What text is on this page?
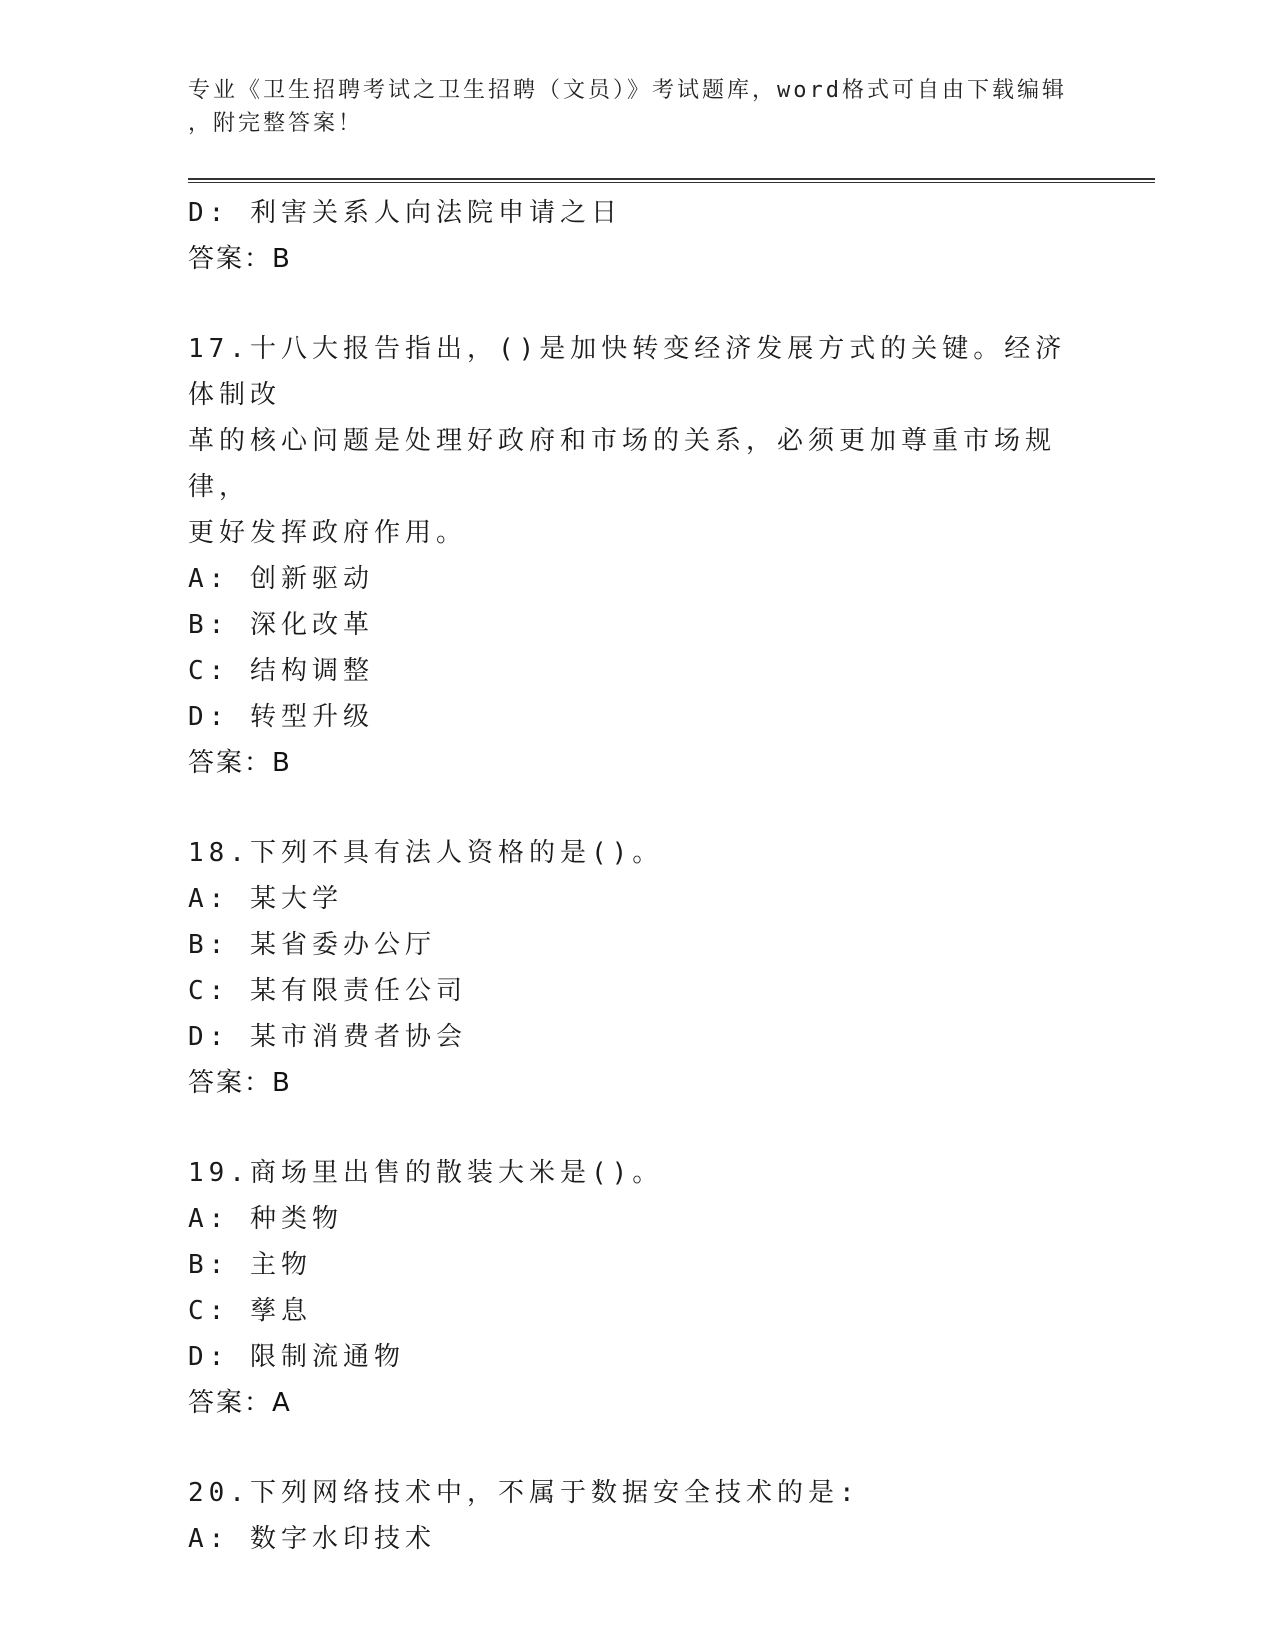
专业《卫生招聘考试之卫生招聘（文员）》考试题库，word格式可自由下载编辑
，附完整答案！
D: 利害关系人向法院申请之日
答案：B
17.十八大报告指出，()是加快转变经济发展方式的关键。经济体制改
革的核心问题是处理好政府和市场的关系，必须更加尊重市场规律，
更好发挥政府作用。
A: 创新驱动
B: 深化改革
C: 结构调整
D: 转型升级
答案：B
18.下列不具有法人资格的是()。
A: 某大学
B: 某省委办公厅
C: 某有限责任公司
D: 某市消费者协会
答案：B
19.商场里出售的散装大米是()。
A: 种类物
B: 主物
C: 孳息
D: 限制流通物
答案：A
20.下列网络技术中，不属于数据安全技术的是:
A: 数字水印技术
